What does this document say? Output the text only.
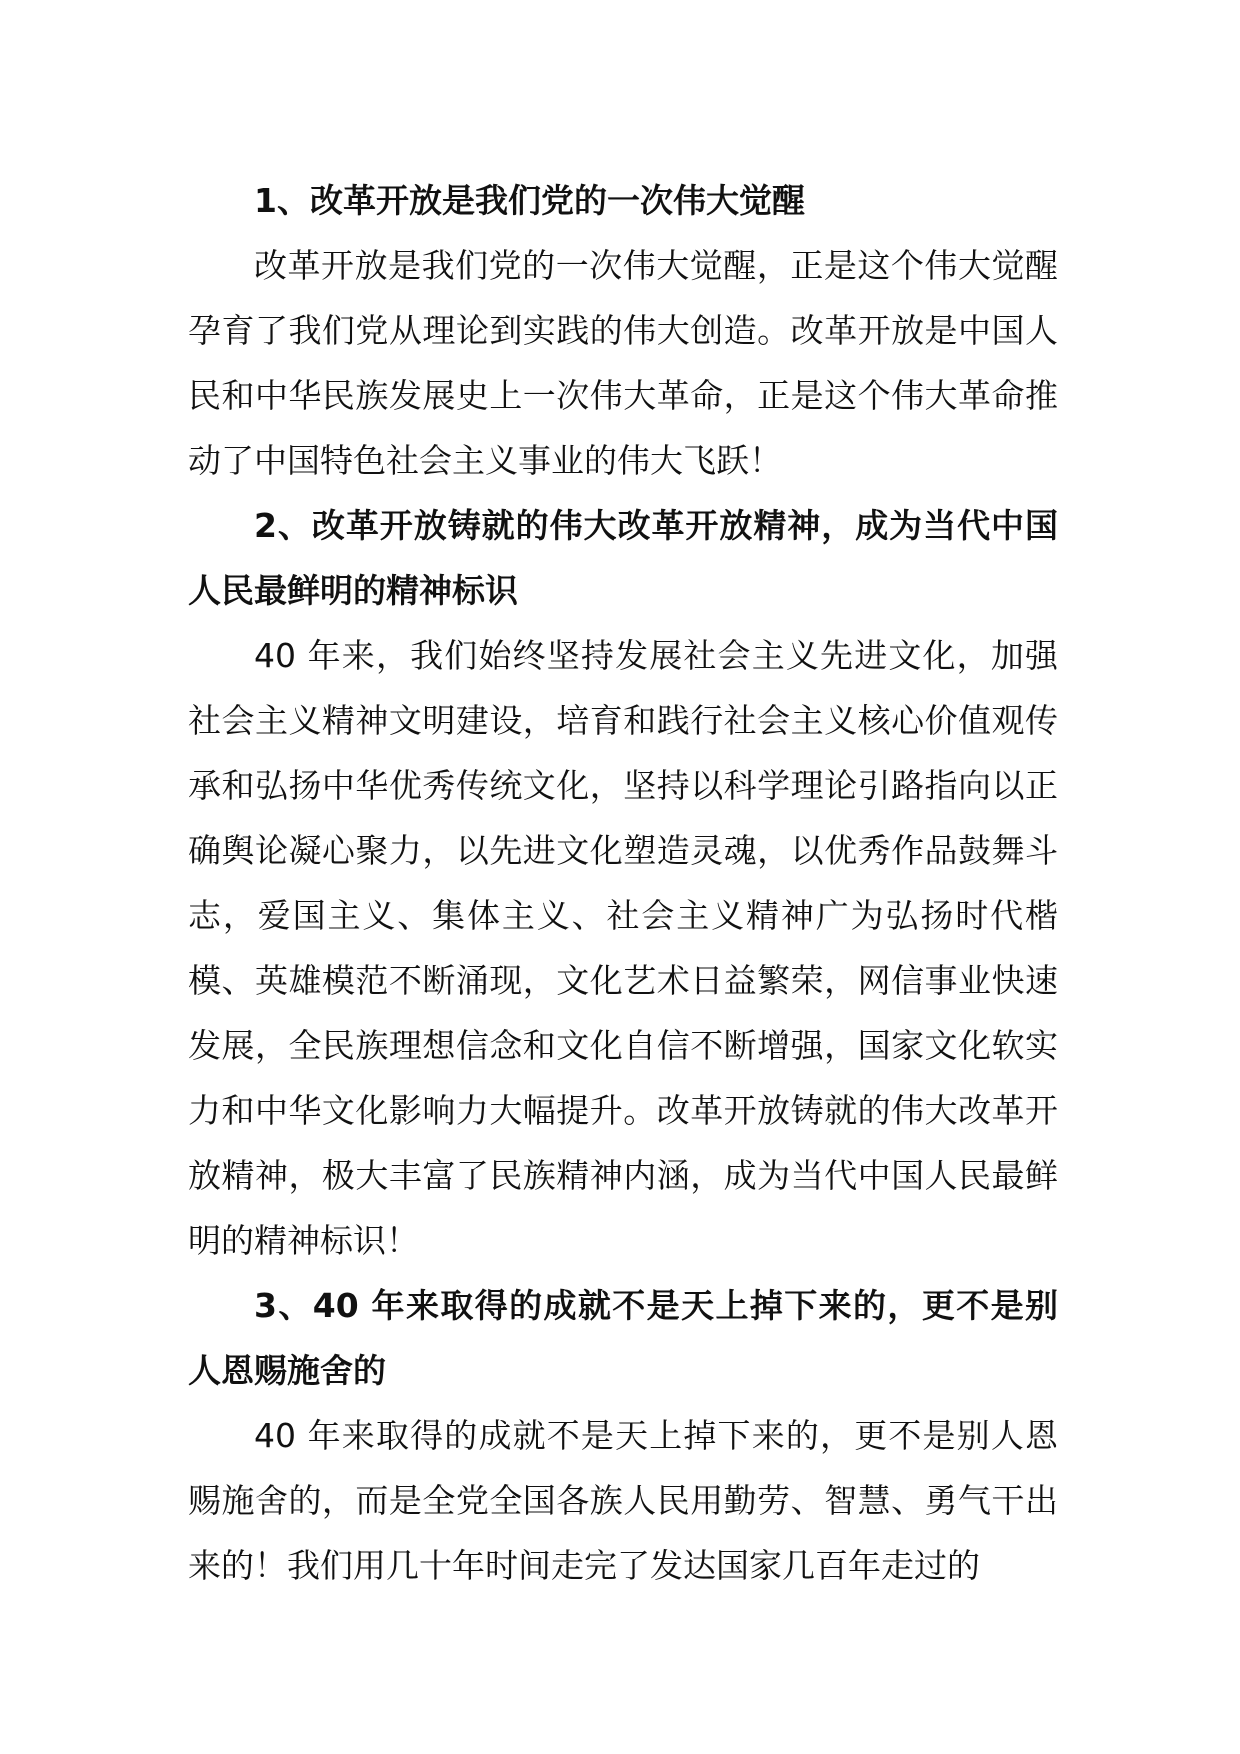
1、改革开放是我们党的一次伟大觉醒

改革开放是我们党的一次伟大觉醒，正是这个伟大觉醒孕育了我们党从理论到实践的伟大创造。改革开放是中国人民和中华民族发展史上一次伟大革命，正是这个伟大革命推动了中国特色社会主义事业的伟大飞跃！

2、改革开放铸就的伟大改革开放精神，成为当代中国人民最鲜明的精神标识

40 年来，我们始终坚持发展社会主义先进文化，加强社会主义精神文明建设，培育和践行社会主义核心价值观传承和弘扬中华优秀传统文化，坚持以科学理论引路指向以正确舆论凝心聚力，以先进文化塑造灵魂，以优秀作品鼓舞斗志，爱国主义、集体主义、社会主义精神广为弘扬时代楷模、英雄模范不断涌现，文化艺术日益繁荣，网信事业快速发展，全民族理想信念和文化自信不断增强，国家文化软实力和中华文化影响力大幅提升。改革开放铸就的伟大改革开放精神，极大丰富了民族精神内涵，成为当代中国人民最鲜明的精神标识！

3、40 年来取得的成就不是天上掉下来的，更不是别人恩赐施舍的

40 年来取得的成就不是天上掉下来的，更不是别人恩赐施舍的，而是全党全国各族人民用勤劳、智慧、勇气干出来的！我们用几十年时间走完了发达国家几百年走过的
